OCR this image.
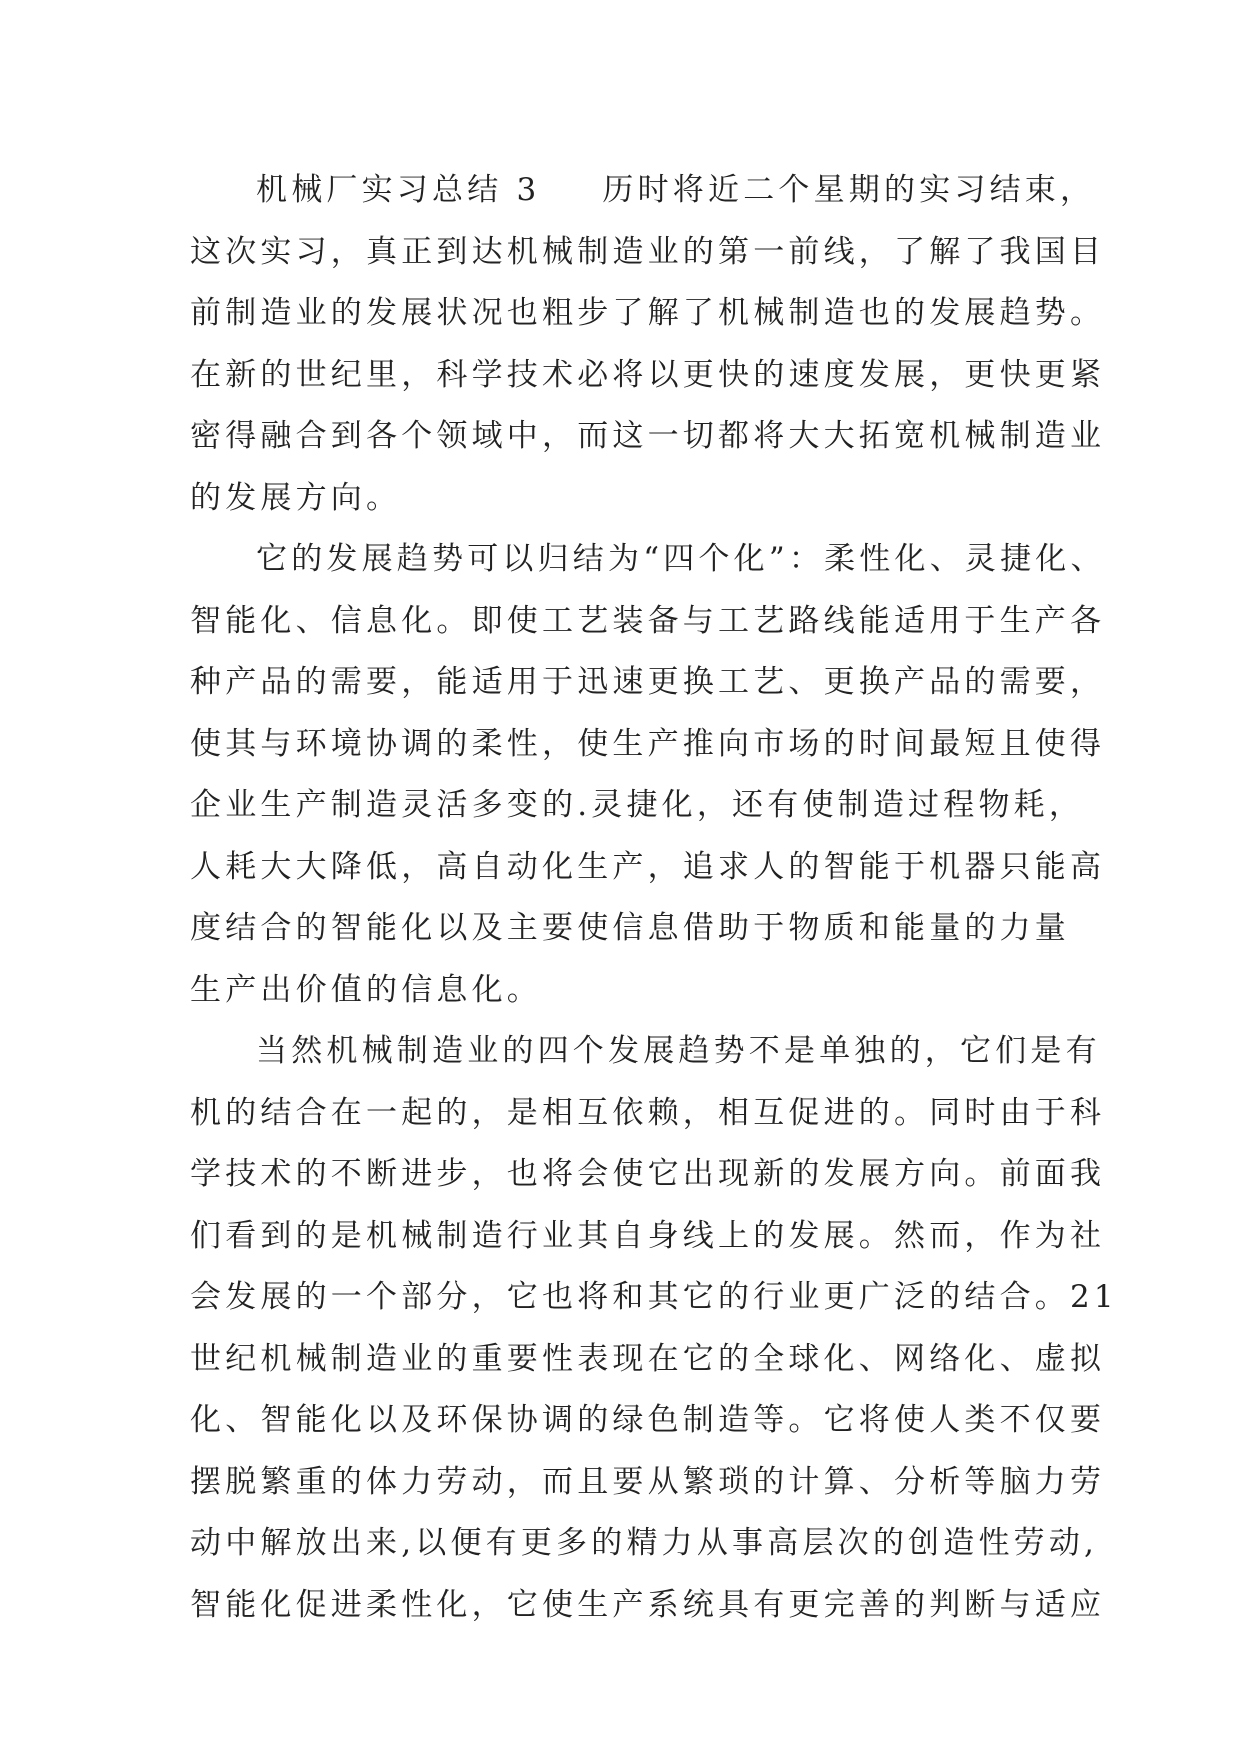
机械厂实习总结 3 历时将近二个星期的实习结束，
这次实习，真正到达机械制造业的第一前线，了解了我国目
前制造业的发展状况也粗步了解了机械制造也的发展趋势。
在新的世纪里，科学技术必将以更快的速度发展，更快更紧
密得融合到各个领域中，而这一切都将大大拓宽机械制造业
的发展方向。
它的发展趋势可以归结为“四个化”：柔性化、灵捷化、
智能化、信息化。即使工艺装备与工艺路线能适用于生产各
种产品的需要，能适用于迅速更换工艺、更换产品的需要，
使其与环境协调的柔性，使生产推向市场的时间最短且使得
企业生产制造灵活多变的.灵捷化，还有使制造过程物耗，
人耗大大降低，高自动化生产，追求人的智能于机器只能高
度结合的智能化以及主要使信息借助于物质和能量的力量
生产出价值的信息化。
当然机械制造业的四个发展趋势不是单独的，它们是有
机的结合在一起的，是相互依赖，相互促进的。同时由于科
学技术的不断进步，也将会使它出现新的发展方向。前面我
们看到的是机械制造行业其自身线上的发展。然而，作为社
会发展的一个部分，它也将和其它的行业更广泛的结合。21
世纪机械制造业的重要性表现在它的全球化、网络化、虚拟
化、智能化以及环保协调的绿色制造等。它将使人类不仅要
摆脱繁重的体力劳动，而且要从繁琐的计算、分析等脑力劳
动中解放出来,以便有更多的精力从事高层次的创造性劳动,
智能化促进柔性化，它使生产系统具有更完善的判断与适应
